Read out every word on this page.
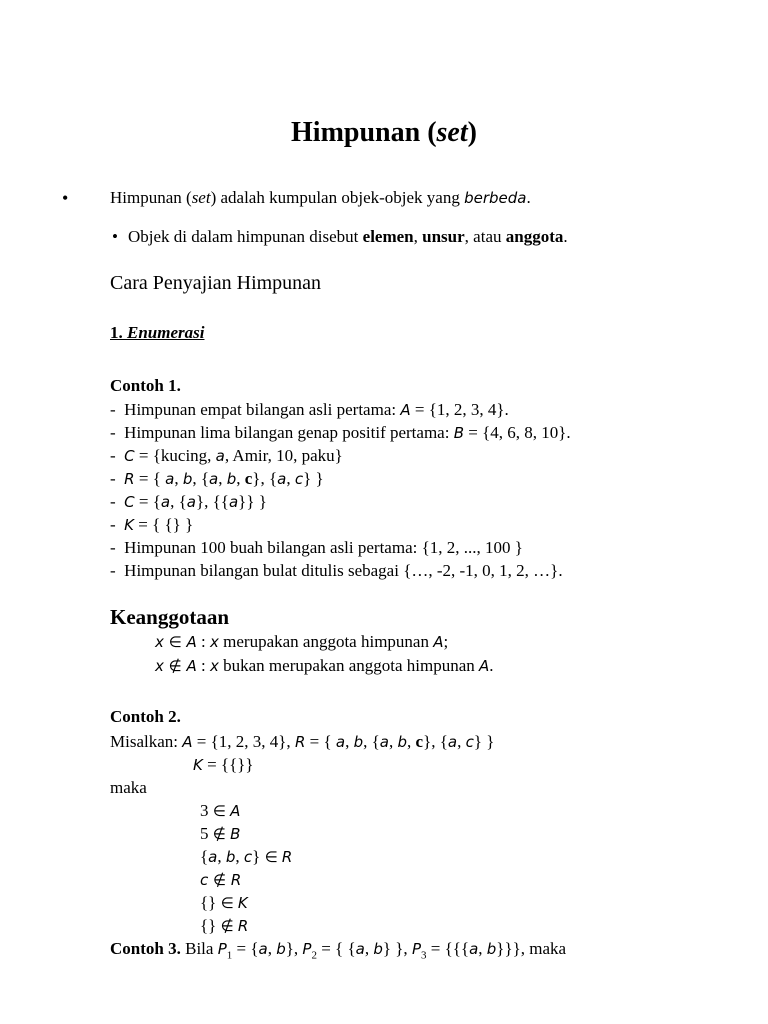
Himpunan (set)
• Himpunan (set) adalah kumpulan objek-objek yang berbeda.
• Objek di dalam himpunan disebut elemen, unsur, atau anggota.
Cara Penyajian Himpunan
1. Enumerasi
Contoh 1.
- Himpunan empat bilangan asli pertama: A = {1, 2, 3, 4}.
- Himpunan lima bilangan genap positif pertama: B = {4, 6, 8, 10}.
- C = {kucing, a, Amir, 10, paku}
- R = { a, b, {a, b, c}, {a, c} }
- C = {a, {a}, {{a}} }
- K = { {} }
- Himpunan 100 buah bilangan asli pertama: {1, 2, ..., 100 }
- Himpunan bilangan bulat ditulis sebagai {…, -2, -1, 0, 1, 2, …}.
Keanggotaan
x ∈ A : x merupakan anggota himpunan A;
x ∉ A : x bukan merupakan anggota himpunan A.
Contoh 2.
Misalkan: A = {1, 2, 3, 4}, R = { a, b, {a, b, c}, {a, c} }
K = {{}}
maka
3 ∈ A
5 ∉ B
{a, b, c} ∈ R
c ∉ R
{} ∈ K
{} ∉ R
Contoh 3. Bila $P_1 = \{a$, b}, $P_2$ = { {a, b} }, $P_3 = \{\{\{a$, b}}}, maka
